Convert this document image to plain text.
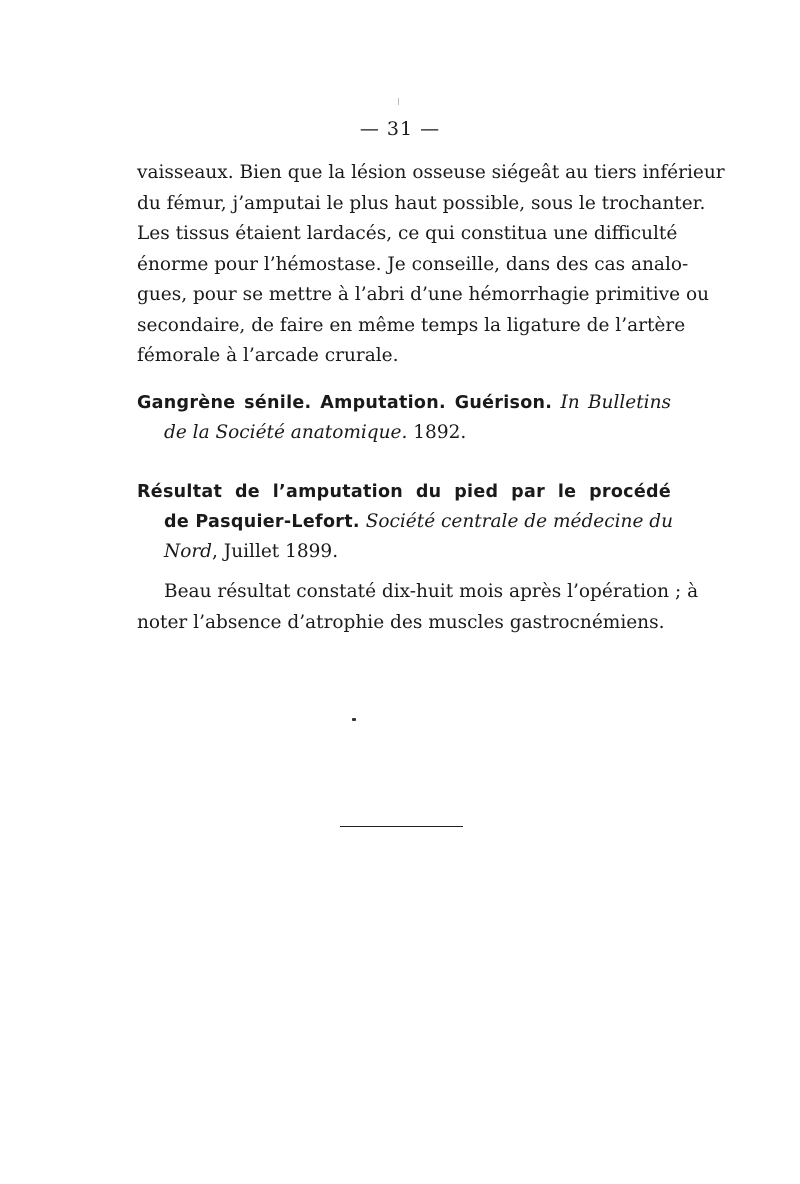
— 31 —
vaisseaux. Bien que la lésion osseuse siégeât au tiers inférieur
du fémur, j’amputai le plus haut possible, sous le trochanter.
Les tissus étaient lardacés, ce qui constitua une difficulté
énorme pour l’hémostase. Je conseille, dans des cas analo-
gues, pour se mettre à l’abri d’une hémorrhagie primitive ou
secondaire, de faire en même temps la ligature de l’artère
fémorale à l’arcade crurale.
Gangrène sénile. Amputation. Guérison. In Bulletins
de la Société anatomique. 1892.
Résultat de l’amputation du pied par le procédé
de Pasquier-Lefort. Société centrale de médecine du
Nord, Juillet 1899.
Beau résultat constaté dix-huit mois après l’opération ; à
noter l’absence d’atrophie des muscles gastrocnémiens.
